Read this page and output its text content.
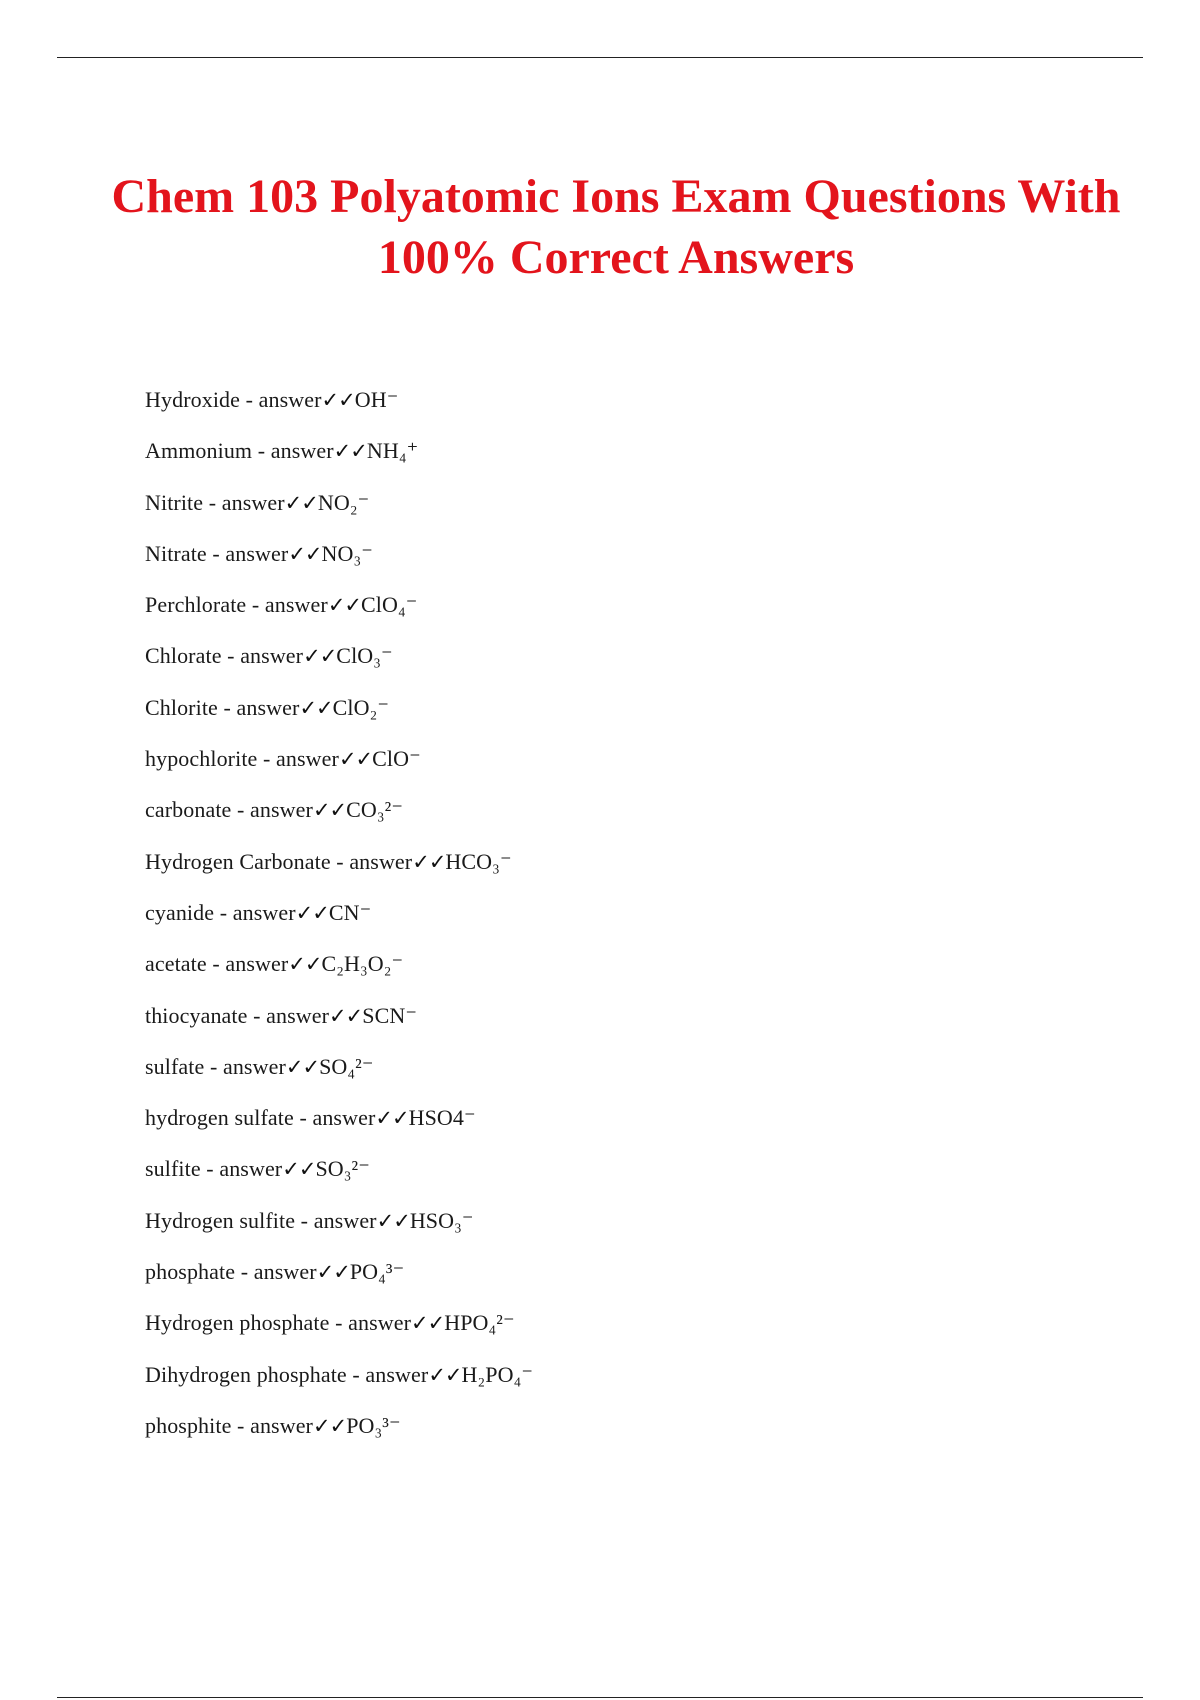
Chem 103 Polyatomic Ions Exam Questions With 100% Correct Answers
Hydroxide - answer✓✓OH⁻
Ammonium - answer✓✓NH₄⁺
Nitrite - answer✓✓NO₂⁻
Nitrate - answer✓✓NO₃⁻
Perchlorate - answer✓✓ClO₄⁻
Chlorate - answer✓✓ClO₃⁻
Chlorite - answer✓✓ClO₂⁻
hypochlorite - answer✓✓ClO⁻
carbonate - answer✓✓CO₃²⁻
Hydrogen Carbonate - answer✓✓HCO₃⁻
cyanide - answer✓✓CN⁻
acetate - answer✓✓C₂H₃O₂⁻
thiocyanate - answer✓✓SCN⁻
sulfate - answer✓✓SO₄²⁻
hydrogen sulfate - answer✓✓HSO4⁻
sulfite - answer✓✓SO₃²⁻
Hydrogen sulfite - answer✓✓HSO₃⁻
phosphate - answer✓✓PO₄³⁻
Hydrogen phosphate - answer✓✓HPO₄²⁻
Dihydrogen phosphate - answer✓✓H₂PO₄⁻
phosphite - answer✓✓PO₃³⁻
